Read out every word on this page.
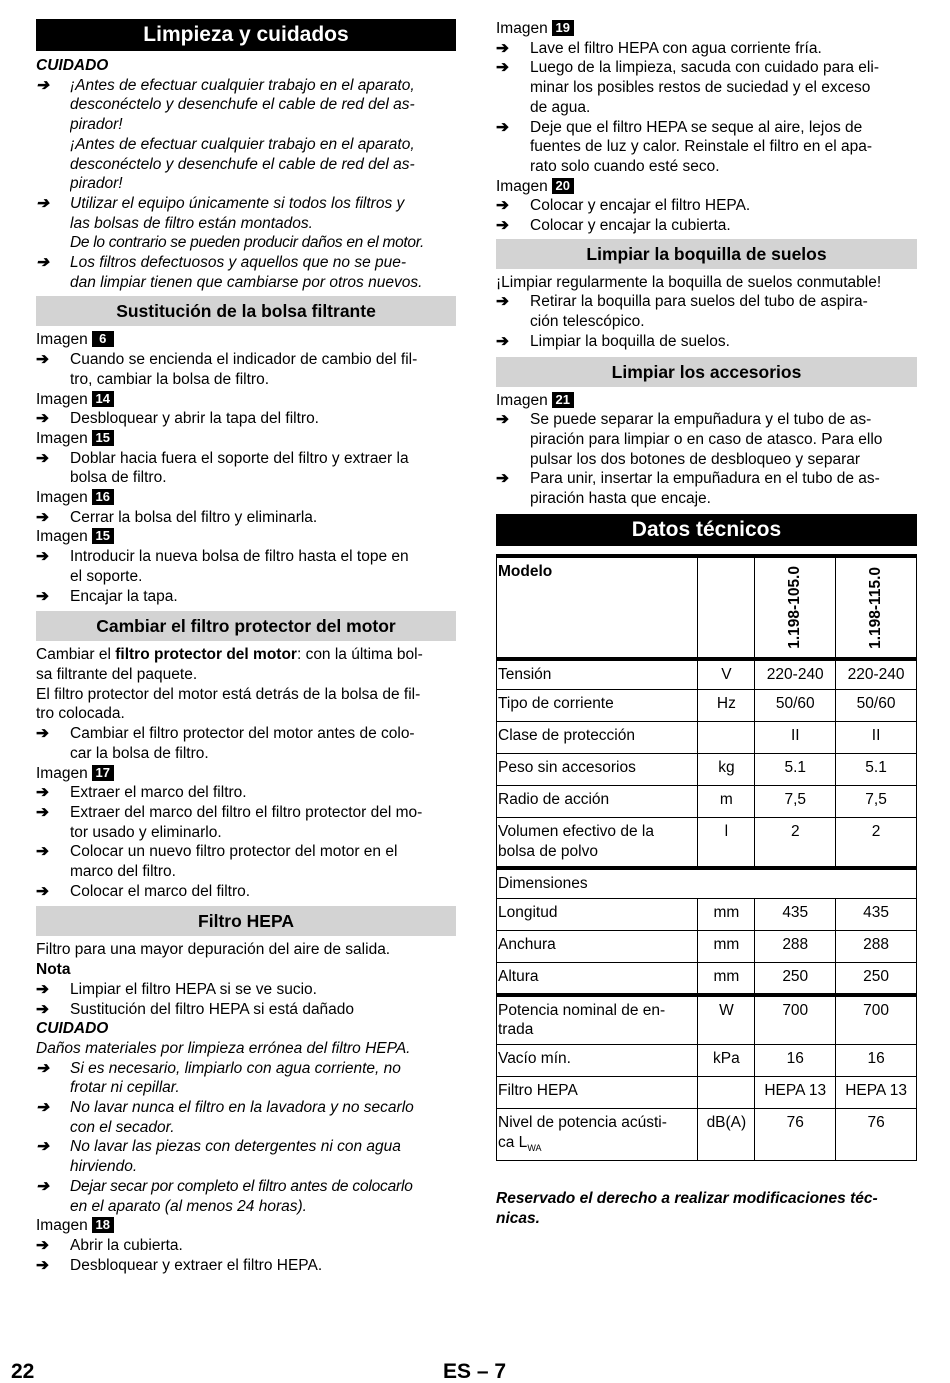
Limpieza y cuidados
CUIDADO
➔ ¡Antes de efectuar cualquier trabajo en el aparato,
desconéctelo y desenchufe el cable de red del as-
pirador!
¡Antes de efectuar cualquier trabajo en el aparato,
desconéctelo y desenchufe el cable de red del as-
pirador!
➔ Utilizar el equipo únicamente si todos los filtros y
las bolsas de filtro están montados.
De lo contrario se pueden producir daños en el motor.
➔ Los filtros defectuosos y aquellos que no se pue-
dan limpiar tienen que cambiarse por otros nuevos.
Sustitución de la bolsa filtrante
Imagen 6
➔ Cuando se encienda el indicador de cambio del fil-
tro, cambiar la bolsa de filtro.
Imagen 14
➔ Desbloquear y abrir la tapa del filtro.
Imagen 15
➔ Doblar hacia fuera el soporte del filtro y extraer la
bolsa de filtro.
Imagen 16
➔ Cerrar la bolsa del filtro y eliminarla.
Imagen 15
➔ Introducir la nueva bolsa de filtro hasta el tope en
el soporte.
➔ Encajar la tapa.
Cambiar el filtro protector del motor
Cambiar el filtro protector del motor: con la última bol-
sa filtrante del paquete.
El filtro protector del motor está detrás de la bolsa de fil-
tro colocada.
➔ Cambiar el filtro protector del motor antes de colo-
car la bolsa de filtro.
Imagen 17
➔ Extraer el marco del filtro.
➔ Extraer del marco del filtro el filtro protector del mo-
tor usado y eliminarlo.
➔ Colocar un nuevo filtro protector del motor en el
marco del filtro.
➔ Colocar el marco del filtro.
Filtro HEPA
Filtro para una mayor depuración del aire de salida.
Nota
➔ Limpiar el filtro HEPA si se ve sucio.
➔ Sustitución del filtro HEPA si está dañado
CUIDADO
Daños materiales por limpieza errónea del filtro HEPA.
➔ Si es necesario, limpiarlo con agua corriente, no
frotar ni cepillar.
➔ No lavar nunca el filtro en la lavadora y no secarlo
con el secador.
➔ No lavar las piezas con detergentes ni con agua
hirviendo.
➔ Dejar secar por completo el filtro antes de colocarlo
en el aparato (al menos 24 horas).
Imagen 18
➔ Abrir la cubierta.
➔ Desbloquear y extraer el filtro HEPA.
Imagen 19
➔ Lave el filtro HEPA con agua corriente fría.
➔ Luego de la limpieza, sacuda con cuidado para eli-
minar los posibles restos de suciedad y el exceso
de agua.
➔ Deje que el filtro HEPA se seque al aire, lejos de
fuentes de luz y calor. Reinstale el filtro en el apa-
rato solo cuando esté seco.
Imagen 20
➔ Colocar y encajar el filtro HEPA.
➔ Colocar y encajar la cubierta.
Limpiar la boquilla de suelos
¡Limpiar regularmente la boquilla de suelos conmutable!
➔ Retirar la boquilla para suelos del tubo de aspira-
ción telescópico.
➔ Limpiar la boquilla de suelos.
Limpiar los accesorios
Imagen 21
➔ Se puede separar la empuñadura y el tubo de as-
piración para limpiar o en caso de atasco. Para ello
pulsar los dos botones de desbloqueo y separar
➔ Para unir, insertar la empuñadura en el tubo de as-
piración hasta que encaje.
Datos técnicos
Modelo		1.198-105.0	1.198-115.0
Tensión	V	220-240	220-240
Tipo de corriente	Hz	50/60	50/60
Clase de protección		II	II
Peso sin accesorios	kg	5.1	5.1
Radio de acción	m	7,5	7,5

Volumen efectivo de la
bolsa de polvo	l	2	2
Dimensiones			
Longitud	mm	435	435
Anchura	mm	288	288
Altura	mm	250	250

Potencia nominal de en-
trada	W	700	700
Vacío mín.	kPa	16	16
Filtro HEPA		HEPA 13	HEPA 13

Nivel de potencia acústi-
ca $L_{WA}$	dB(A)	76	76
Reservado el derecho a realizar modificaciones téc-
nicas.
22	ES – 7
